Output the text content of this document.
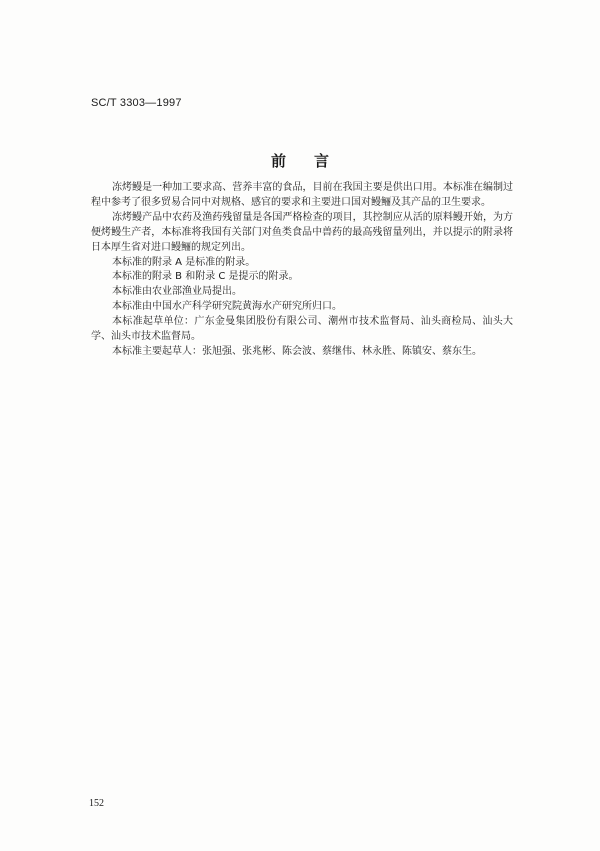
SC/T 3303—1997
前言

冻烤鳗是一种加工要求高、营养丰富的食品，目前在我国主要是供出口用。本标准在编制过程中参考了很多贸易合同中对规格、感官的要求和主要进口国对鳗鲡及其产品的卫生要求。

冻烤鳗产品中农药及渔药残留量是各国严格检查的项目，其控制应从活的原料鳗开始，为方便烤鳗生产者，本标准将我国有关部门对鱼类食品中兽药的最高残留量列出，并以提示的附录将日本厚生省对进口鳗鲡的规定列出。

本标准的附录 A 是标准的附录。

本标准的附录 B 和附录 C 是提示的附录。

本标准由农业部渔业局提出。

本标准由中国水产科学研究院黄海水产研究所归口。

本标准起草单位：广东金曼集团股份有限公司、潮州市技术监督局、汕头商检局、汕头大学、汕头市技术监督局。

本标准主要起草人：张旭强、张兆彬、陈会波、蔡继伟、林永胜、陈镇安、蔡东生。

152
